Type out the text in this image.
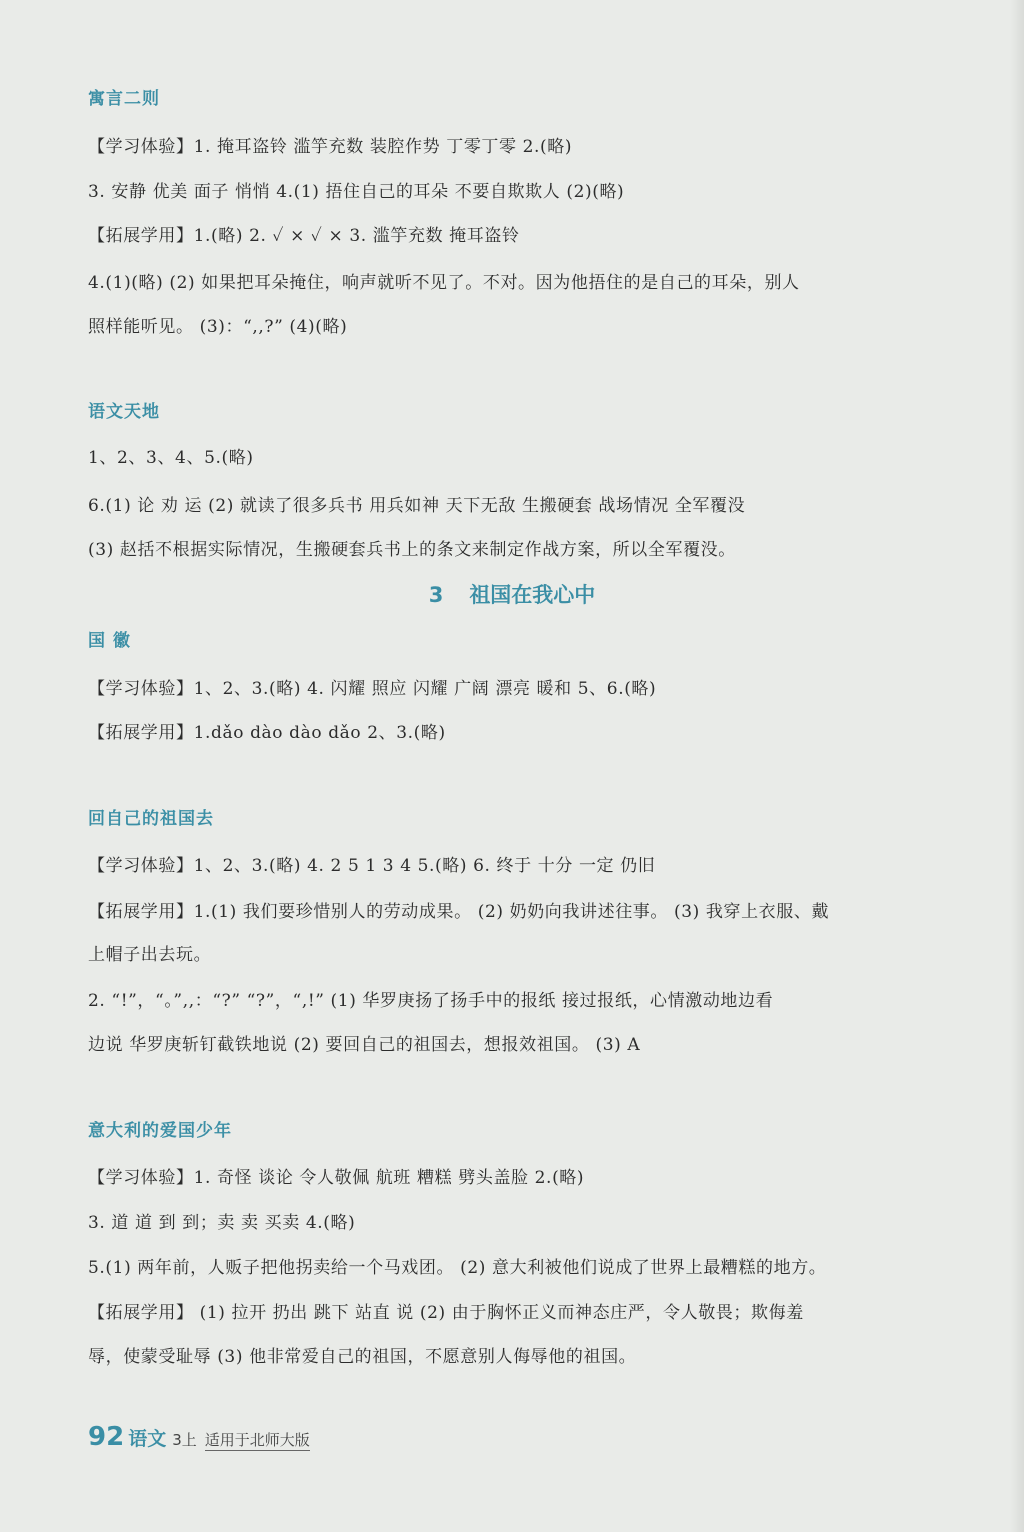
寓言二则
【学习体验】1. 掩耳盗铃 滥竽充数 装腔作势 丁零丁零 2.(略)
3. 安静 优美 面子 悄悄 4.(1) 捂住自己的耳朵 不要自欺欺人 (2)(略)
【拓展学用】1.(略) 2. ✓ × ✓ × 3. 滥竽充数 掩耳盗铃
4.(1)(略) (2) 如果把耳朵掩住，响声就听不见了。不对。因为他捂住的是自己的耳朵，别人
照样能听见。 (3)：“,,?” (4)(略)
语文天地
1、2、3、4、5.(略)
6.(1) 论 劝 运 (2) 就读了很多兵书 用兵如神 天下无敌 生搬硬套 战场情况 全军覆没
(3) 赵括不根据实际情况，生搬硬套兵书上的条文来制定作战方案，所以全军覆没。
3 祖国在我心中
国 徽
【学习体验】1、2、3.(略) 4. 闪耀 照应 闪耀 广阔 漂亮 暖和 5、6.(略)
【拓展学用】1.dǎo dào dào dǎo 2、3.(略)
回自己的祖国去
【学习体验】1、2、3.(略) 4. 2 5 1 3 4 5.(略) 6. 终于 十分 一定 仍旧
【拓展学用】1.(1) 我们要珍惜别人的劳动成果。 (2) 奶奶向我讲述往事。 (3) 我穿上衣服、戴
上帽子出去玩。
2. “!”，“。”,,：“?” “?”，“,!” (1) 华罗庚扬了扬手中的报纸 接过报纸，心情激动地边看
边说 华罗庚斩钉截铁地说 (2) 要回自己的祖国去，想报效祖国。 (3) A
意大利的爱国少年
【学习体验】1. 奇怪 谈论 令人敬佩 航班 糟糕 劈头盖脸 2.(略)
3. 道 道 到 到；卖 卖 买卖 4.(略)
5.(1) 两年前，人贩子把他拐卖给一个马戏团。 (2) 意大利被他们说成了世界上最糟糕的地方。
【拓展学用】 (1) 拉开 扔出 跳下 站直 说 (2) 由于胸怀正义而神态庄严，令人敬畏；欺侮羞
辱，使蒙受耻辱 (3) 他非常爱自己的祖国，不愿意别人侮辱他的祖国。
92 语文 3上 适用于北师大版
